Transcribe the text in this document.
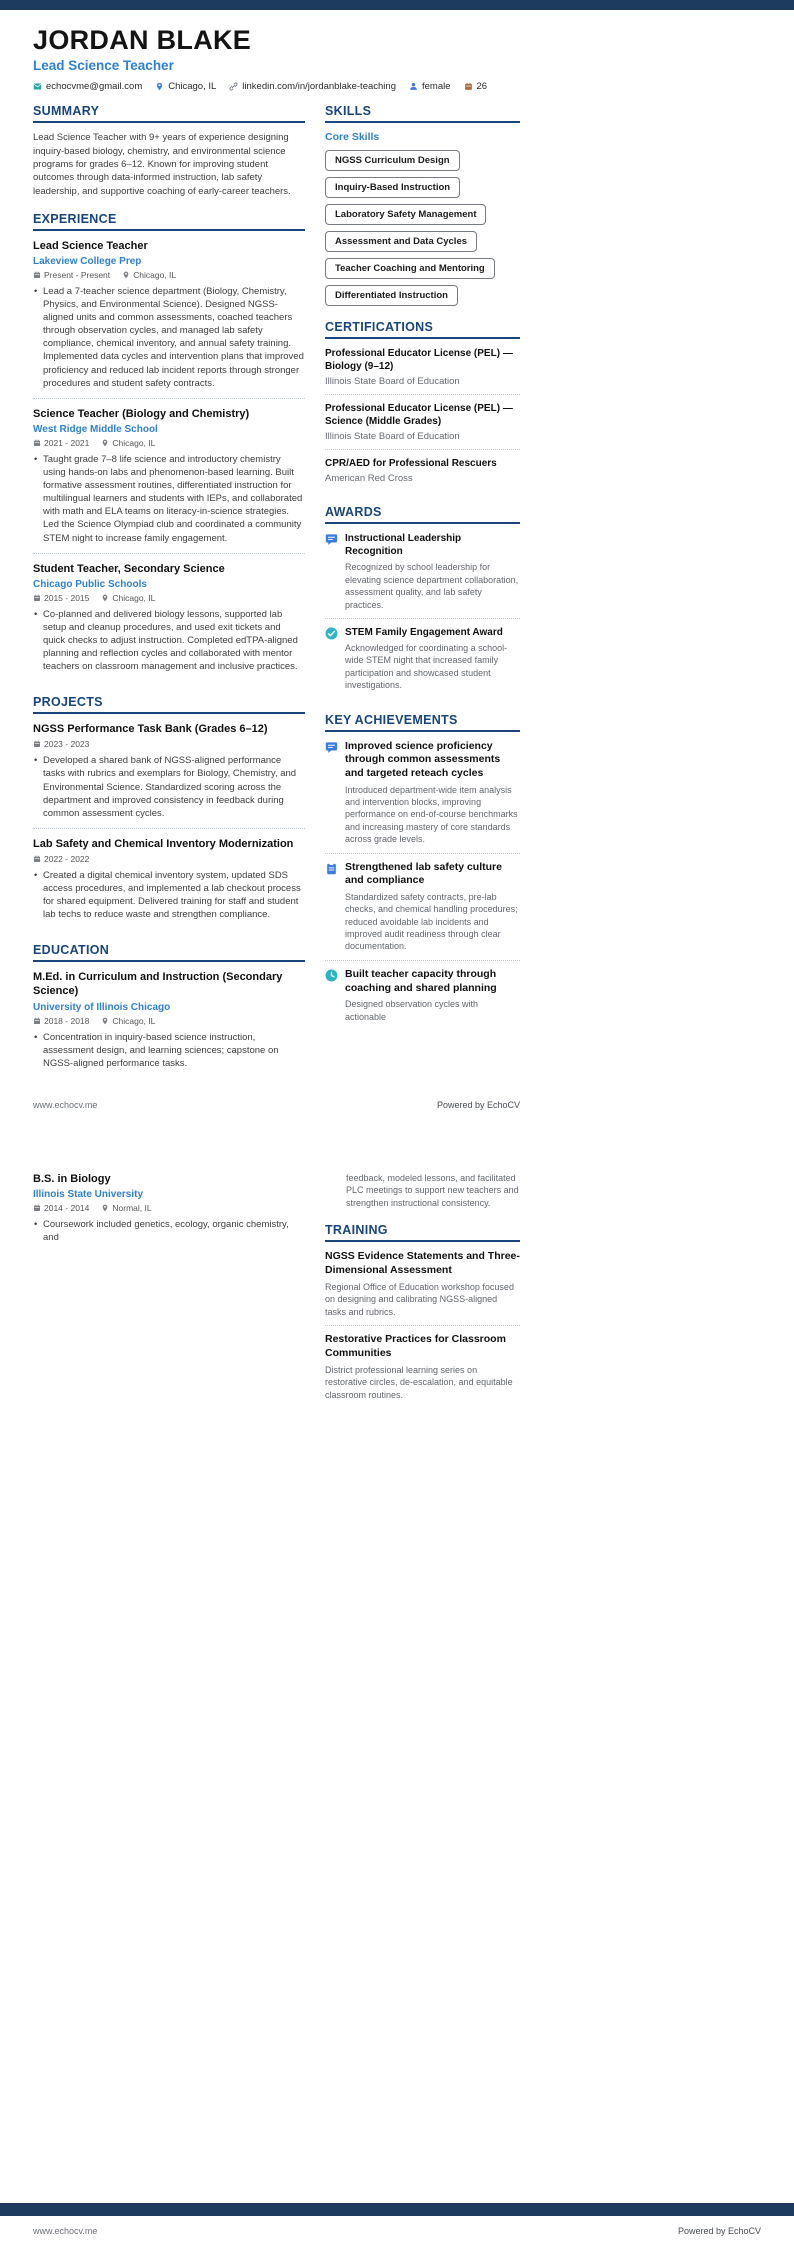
JORDAN BLAKE
Lead Science Teacher
echocvme@gmail.com	Chicago, IL	linkedin.com/in/jordanblake-teaching	female	26
SUMMARY

Lead Science Teacher with 9+ years of experience designing inquiry-based biology, chemistry, and environmental science programs for grades 6–12. Known for improving student outcomes through data-informed instruction, lab safety leadership, and supportive coaching of early-career teachers.

EXPERIENCE
Lead Science Teacher
Lakeview College Prep
Present - Present	Chicago, IL

• Lead a 7-teacher science department (Biology, Chemistry, Physics, and Environmental Science). Designed NGSS-aligned units and common assessments, coached teachers through observation cycles, and managed lab safety compliance, chemical inventory, and annual safety training. Implemented data cycles and intervention plans that improved proficiency and reduced lab incident reports through stronger procedures and student safety contracts.

Science Teacher (Biology and Chemistry)
West Ridge Middle School
2021 - 2021	Chicago, IL

• Taught grade 7–8 life science and introductory chemistry using hands-on labs and phenomenon-based learning. Built formative assessment routines, differentiated instruction for multilingual learners and students with IEPs, and collaborated with math and ELA teams on literacy-in-science strategies. Led the Science Olympiad club and coordinated a community STEM night to increase family engagement.

Student Teacher, Secondary Science
Chicago Public Schools
2015 - 2015	Chicago, IL

• Co-planned and delivered biology lessons, supported lab setup and cleanup procedures, and used exit tickets and quick checks to adjust instruction. Completed edTPA-aligned planning and reflection cycles and collaborated with mentor teachers on classroom management and inclusive practices.

PROJECTS
NGSS Performance Task Bank (Grades 6–12)
2023 - 2023

• Developed a shared bank of NGSS-aligned performance tasks with rubrics and exemplars for Biology, Chemistry, and Environmental Science. Standardized scoring across the department and improved consistency in feedback during common assessment cycles.

Lab Safety and Chemical Inventory Modernization
2022 - 2022

• Created a digital chemical inventory system, updated SDS access procedures, and implemented a lab checkout process for shared equipment. Delivered training for staff and student lab techs to reduce waste and strengthen compliance.

EDUCATION
M.Ed. in Curriculum and Instruction (Secondary Science)
University of Illinois Chicago
2018 - 2018	Chicago, IL

• Concentration in inquiry-based science instruction, assessment design, and learning sciences; capstone on NGSS-aligned performance tasks.

SKILLS
Core Skills
NGSS Curriculum Design
Inquiry-Based Instruction
Laboratory Safety Management
Assessment and Data Cycles
Teacher Coaching and Mentoring
Differentiated Instruction
CERTIFICATIONS
Professional Educator License (PEL) — Biology (9–12)
Illinois State Board of Education
Professional Educator License (PEL) — Science (Middle Grades)
Illinois State Board of Education
CPR/AED for Professional Rescuers
American Red Cross
AWARDS
Instructional Leadership Recognition
Recognized by school leadership for elevating science department collaboration, assessment quality, and lab safety practices.
STEM Family Engagement Award
Acknowledged for coordinating a school-wide STEM night that increased family participation and showcased student investigations.
KEY ACHIEVEMENTS
Improved science proficiency through common assessments and targeted reteach cycles
Introduced department-wide item analysis and intervention blocks, improving performance on end-of-course benchmarks and increasing mastery of core standards across grade levels.
Strengthened lab safety culture and compliance
Standardized safety contracts, pre-lab checks, and chemical handling procedures; reduced avoidable lab incidents and improved audit readiness through clear documentation.
Built teacher capacity through coaching and shared planning
Designed observation cycles with actionable
www.echocv.me	Powered by EchoCV
B.S. in Biology
Illinois State University
2014 - 2014	Normal, IL

• Coursework included genetics, ecology, organic chemistry, and

feedback, modeled lessons, and facilitated PLC meetings to support new teachers and strengthen instructional consistency.

TRAINING
NGSS Evidence Statements and Three-Dimensional Assessment
Regional Office of Education workshop focused on designing and calibrating NGSS-aligned tasks and rubrics.
Restorative Practices for Classroom Communities
District professional learning series on restorative circles, de-escalation, and equitable classroom routines.
www.echocv.me	Powered by EchoCV
